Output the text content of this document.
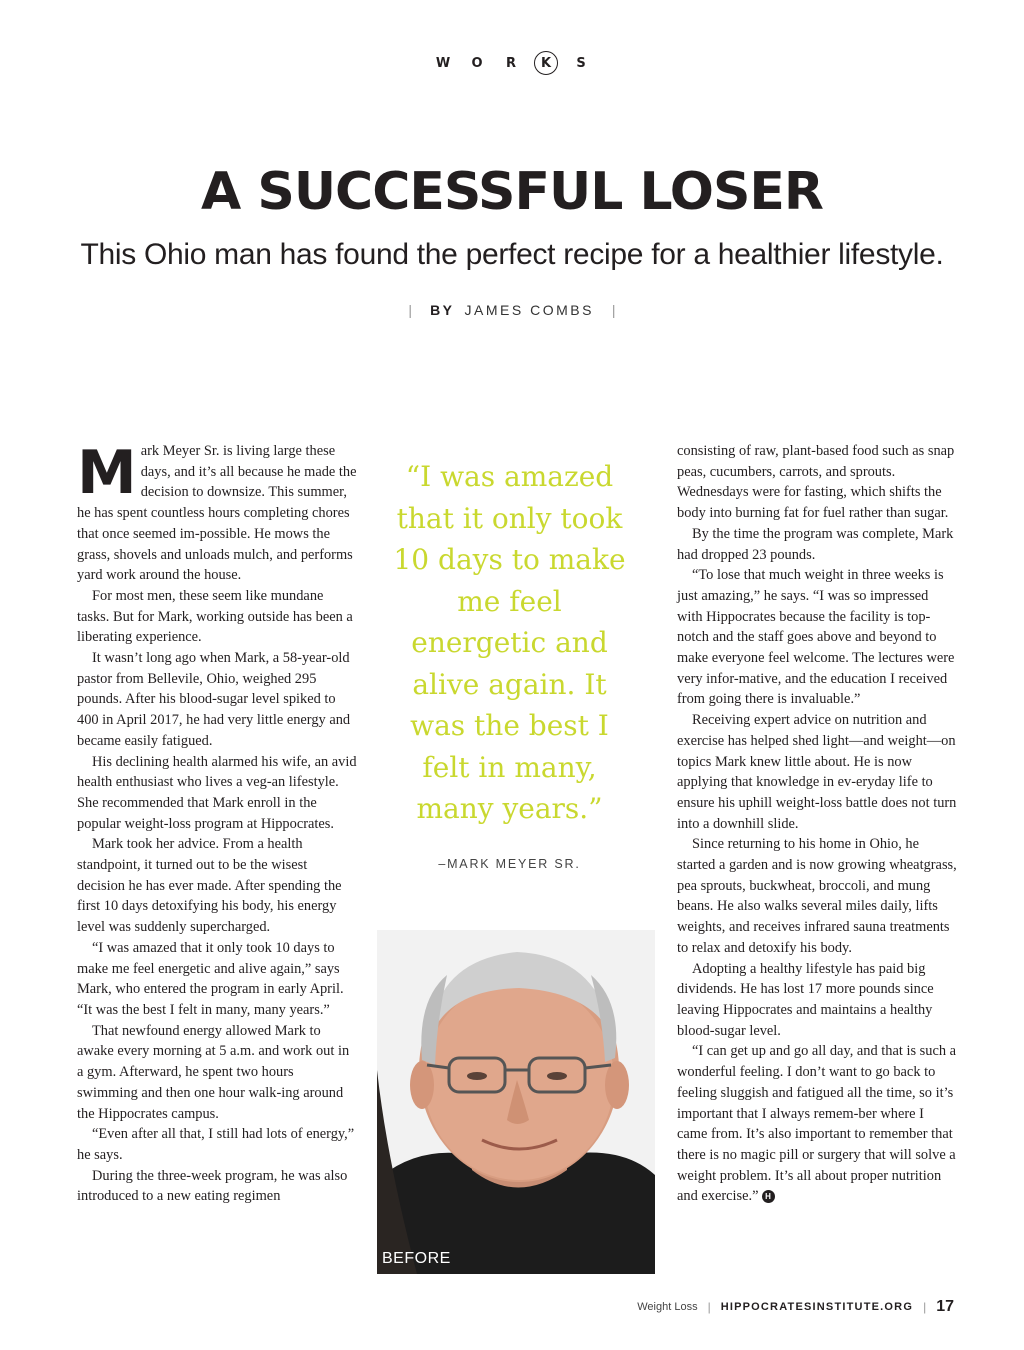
W	O	R	K	S
A SUCCESSFUL LOSER
This Ohio man has found the perfect recipe for a healthier lifestyle.
| BY JAMES COMBS |
M ark Meyer Sr. is living large these days, and it’s all because he made the decision to downsize. This summer, he has spent countless hours completing chores that once seemed im-possible. He mows the grass, shovels and unloads mulch, and performs yard work around the house.

For most men, these seem like mundane tasks. But for Mark, working outside has been a liberating experience.

It wasn’t long ago when Mark, a 58-year-old pastor from Bellevile, Ohio, weighed 295 pounds. After his blood-sugar level spiked to 400 in April 2017, he had very little energy and became easily fatigued.

His declining health alarmed his wife, an avid health enthusiast who lives a veg-an lifestyle. She recommended that Mark enroll in the popular weight-loss program at Hippocrates.

Mark took her advice. From a health standpoint, it turned out to be the wisest decision he has ever made. After spending the first 10 days detoxifying his body, his energy level was suddenly supercharged.

“I was amazed that it only took 10 days to make me feel energetic and alive again,” says Mark, who entered the program in early April. “It was the best I felt in many, many years.”

That newfound energy allowed Mark to awake every morning at 5 a.m. and work out in a gym. Afterward, he spent two hours swimming and then one hour walk-ing around the Hippocrates campus.

“Even after all that, I still had lots of energy,” he says.

During the three-week program, he was also introduced to a new eating regimen

“I was amazed that it only took 10 days to make me feel energetic and alive again. It was the best I felt in many, many years.”
–MARK MEYER SR.
BEFORE

consisting of raw, plant-based food such as snap peas, cucumbers, carrots, and sprouts. Wednesdays were for fasting, which shifts the body into burning fat for fuel rather than sugar.

By the time the program was complete, Mark had dropped 23 pounds.

“To lose that much weight in three weeks is just amazing,” he says. “I was so impressed with Hippocrates because the facility is top-notch and the staff goes above and beyond to make everyone feel welcome. The lectures were very infor-mative, and the education I received from going there is invaluable.”

Receiving expert advice on nutrition and exercise has helped shed light—and weight—on topics Mark knew little about. He is now applying that knowledge in ev-eryday life to ensure his uphill weight-loss battle does not turn into a downhill slide.

Since returning to his home in Ohio, he started a garden and is now growing wheatgrass, pea sprouts, buckwheat, broccoli, and mung beans. He also walks several miles daily, lifts weights, and receives infrared sauna treatments to relax and detoxify his body.

Adopting a healthy lifestyle has paid big dividends. He has lost 17 more pounds since leaving Hippocrates and maintains a healthy blood-sugar level.

“I can get up and go all day, and that is such a wonderful feeling. I don’t want to go back to feeling sluggish and fatigued all the time, so it’s important that I always remem-ber where I came from. It’s also important to remember that there is no magic pill or surgery that will solve a weight problem. It’s all about proper nutrition and exercise.” H

Weight Loss | HIPPOCRATESINSTITUTE.ORG | 17
